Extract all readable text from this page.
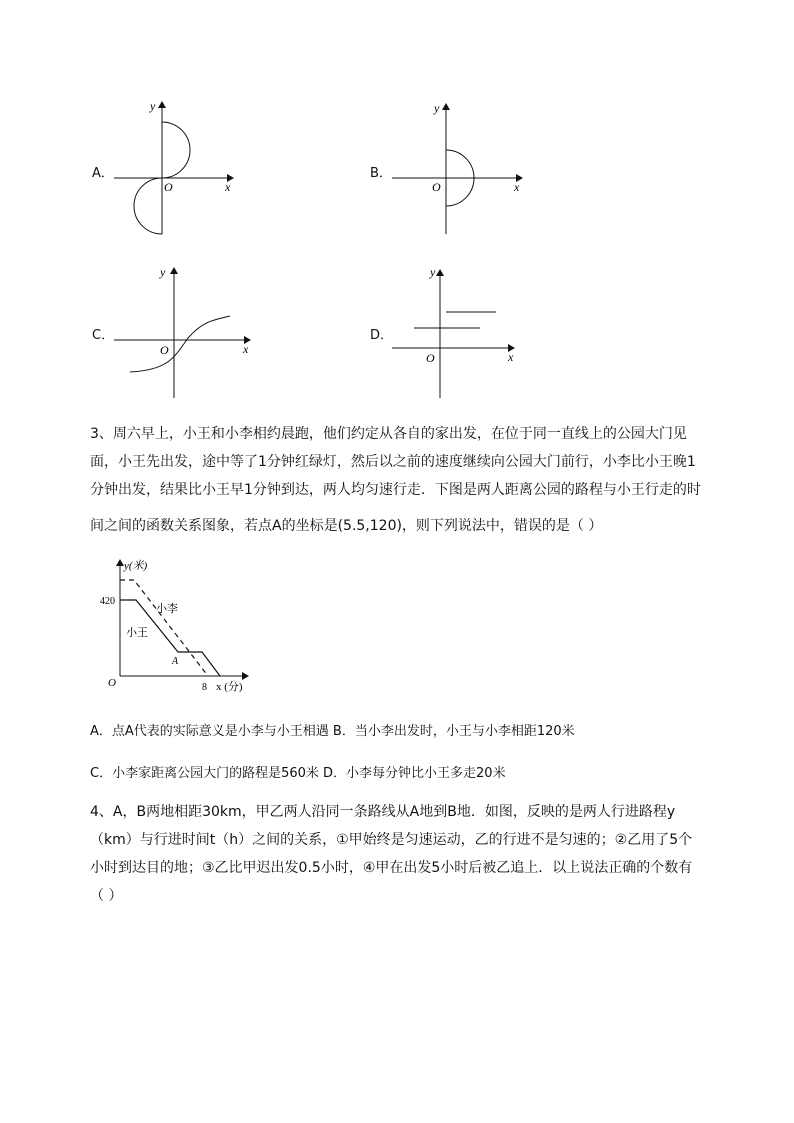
A．
y
x
O
B．
y
x
O
C．
y
x
O
D．
y
x
O
3、周六早上，小王和小李相约晨跑，他们约定从各自的家出发，在位于同一直线上的公园大门见
面，小王先出发，途中等了1分钟红绿灯，然后以之前的速度继续向公园大门前行，小李比小王晚1
分钟出发，结果比小王早1分钟到达，两人均匀速行走．下图是两人距离公园的路程与小王行走的时
间之间的函数关系图象，若点A的坐标是(5.5,120)，则下列说法中，错误的是（ ）
y(米)
420
小李
小王
A
O	8 x (分)
A．点A代表的实际意义是小李与小王相遇 B．当小李出发时，小王与小李相距120米
C．小李家距离公园大门的路程是560米 D．小李每分钟比小王多走20米
4、A，B两地相距30km，甲乙两人沿同一条路线从A地到B地．如图，反映的是两人行进路程y
（km）与行进时间t（h）之间的关系，①甲始终是匀速运动，乙的行进不是匀速的；②乙用了5个
小时到达目的地；③乙比甲迟出发0.5小时，④甲在出发5小时后被乙追上．以上说法正确的个数有
（ ）
